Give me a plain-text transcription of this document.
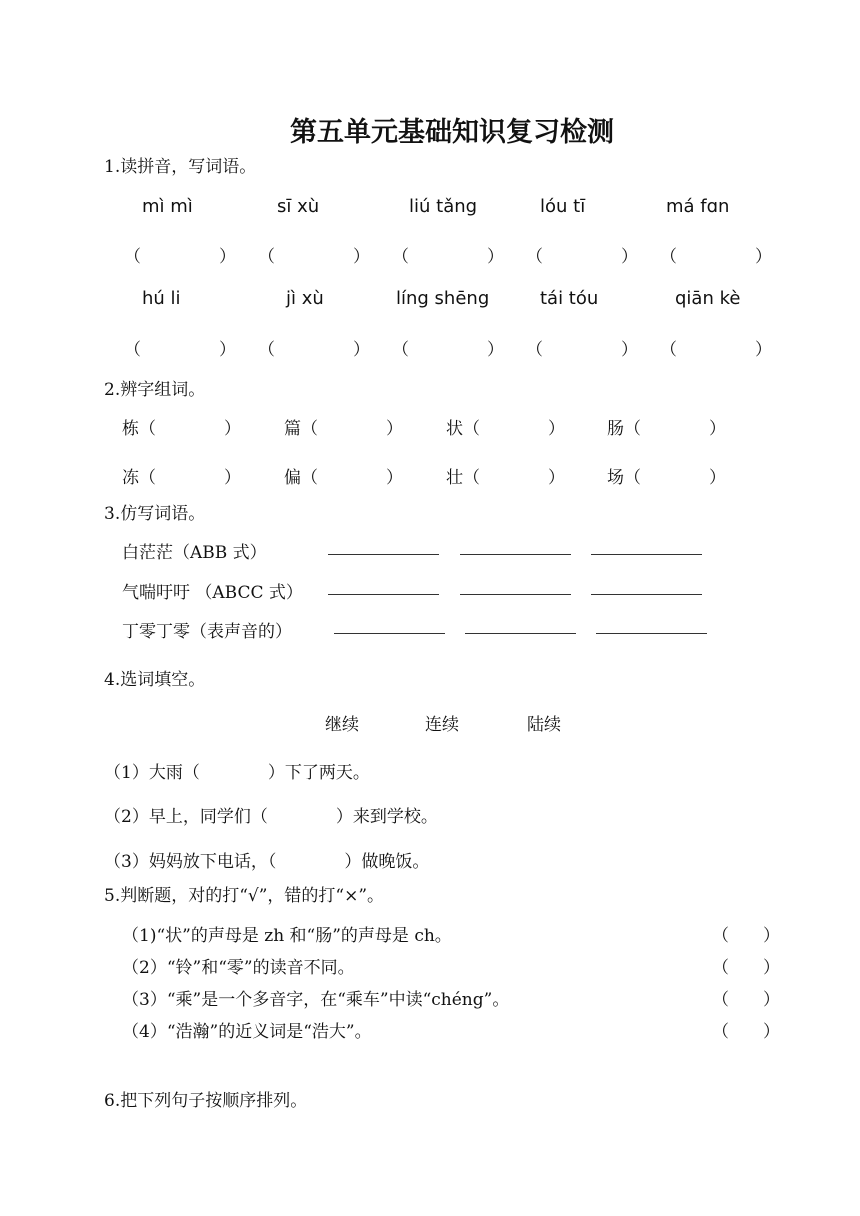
第五单元基础知识复习检测
1.读拼音，写词语。
mì mì	sī xù	liú tǎng	lóu tī	má fɑn
（	） （	） （	） （	） （	）
hú li	jì xù	líng shēng	tái tóu	qiān kè
（	） （	） （	） （	） （	）
2.辨字组词。
栋（　　　　）	篇（　　　　）	状（　　　　） 肠（　　　　）
冻（　　　　）	偏（　　　　）	壮（　　　　） 场（　　　　）
3.仿写词语。
白茫茫（ABB 式）
气喘吁吁 （ABCC 式）
丁零丁零（表声音的）
4.选词填空。
继续	连续	陆续
（1）大雨（　　　　）下了两天。
（2）早上，同学们（　　　　）来到学校。
（3）妈妈放下电话，（　　　　）做晚饭。
5.判断题，对的打“√”，错的打“×”。
（1)“状”的声母是 zh 和“肠”的声母是 ch。	（　　）
（2）“铃”和“零”的读音不同。	（　　）
（3）“乘”是一个多音字，在“乘车”中读“chéng”。	（　　）
（4）“浩瀚”的近义词是“浩大”。	（　　）
6.把下列句子按顺序排列。
